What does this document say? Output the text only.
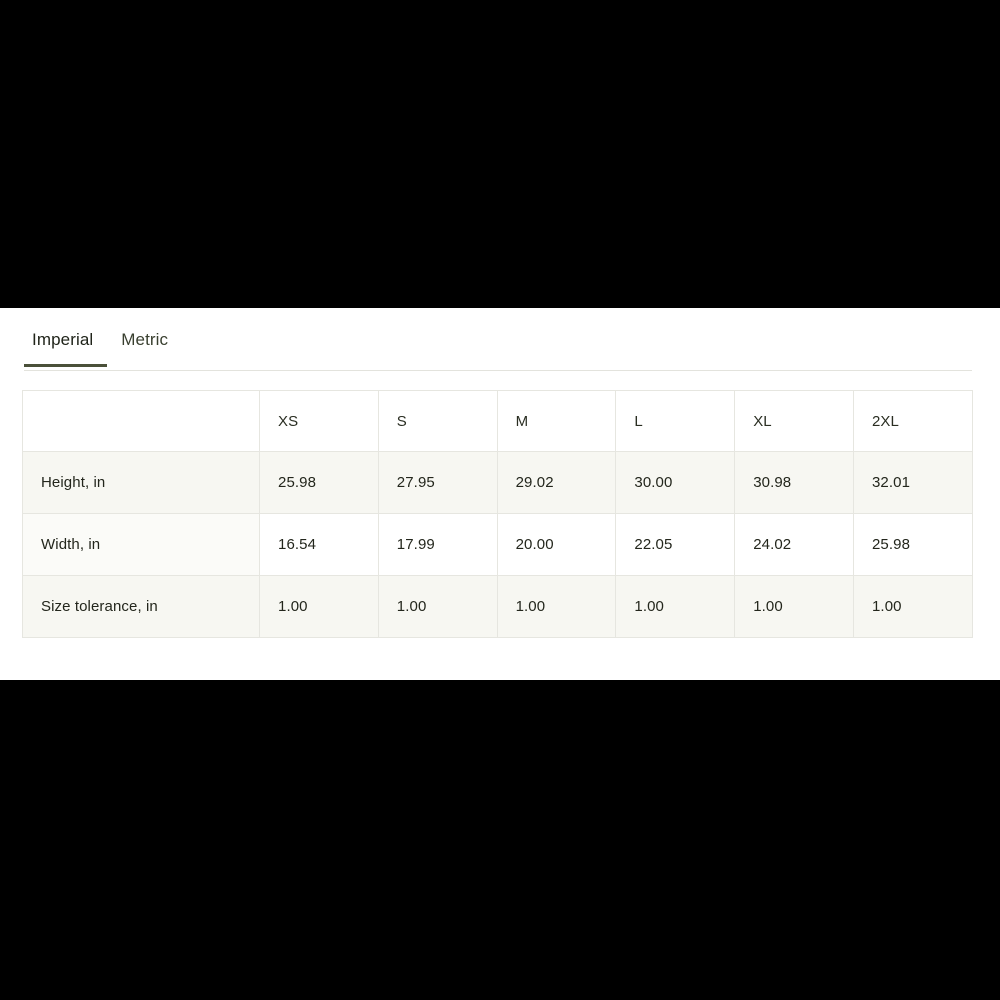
Imperial	Metric
	XS	S	M	L	XL	2XL
Height, in	25.98	27.95	29.02	30.00	30.98	32.01
Width, in	16.54	17.99	20.00	22.05	24.02	25.98
Size tolerance, in	1.00	1.00	1.00	1.00	1.00	1.00
